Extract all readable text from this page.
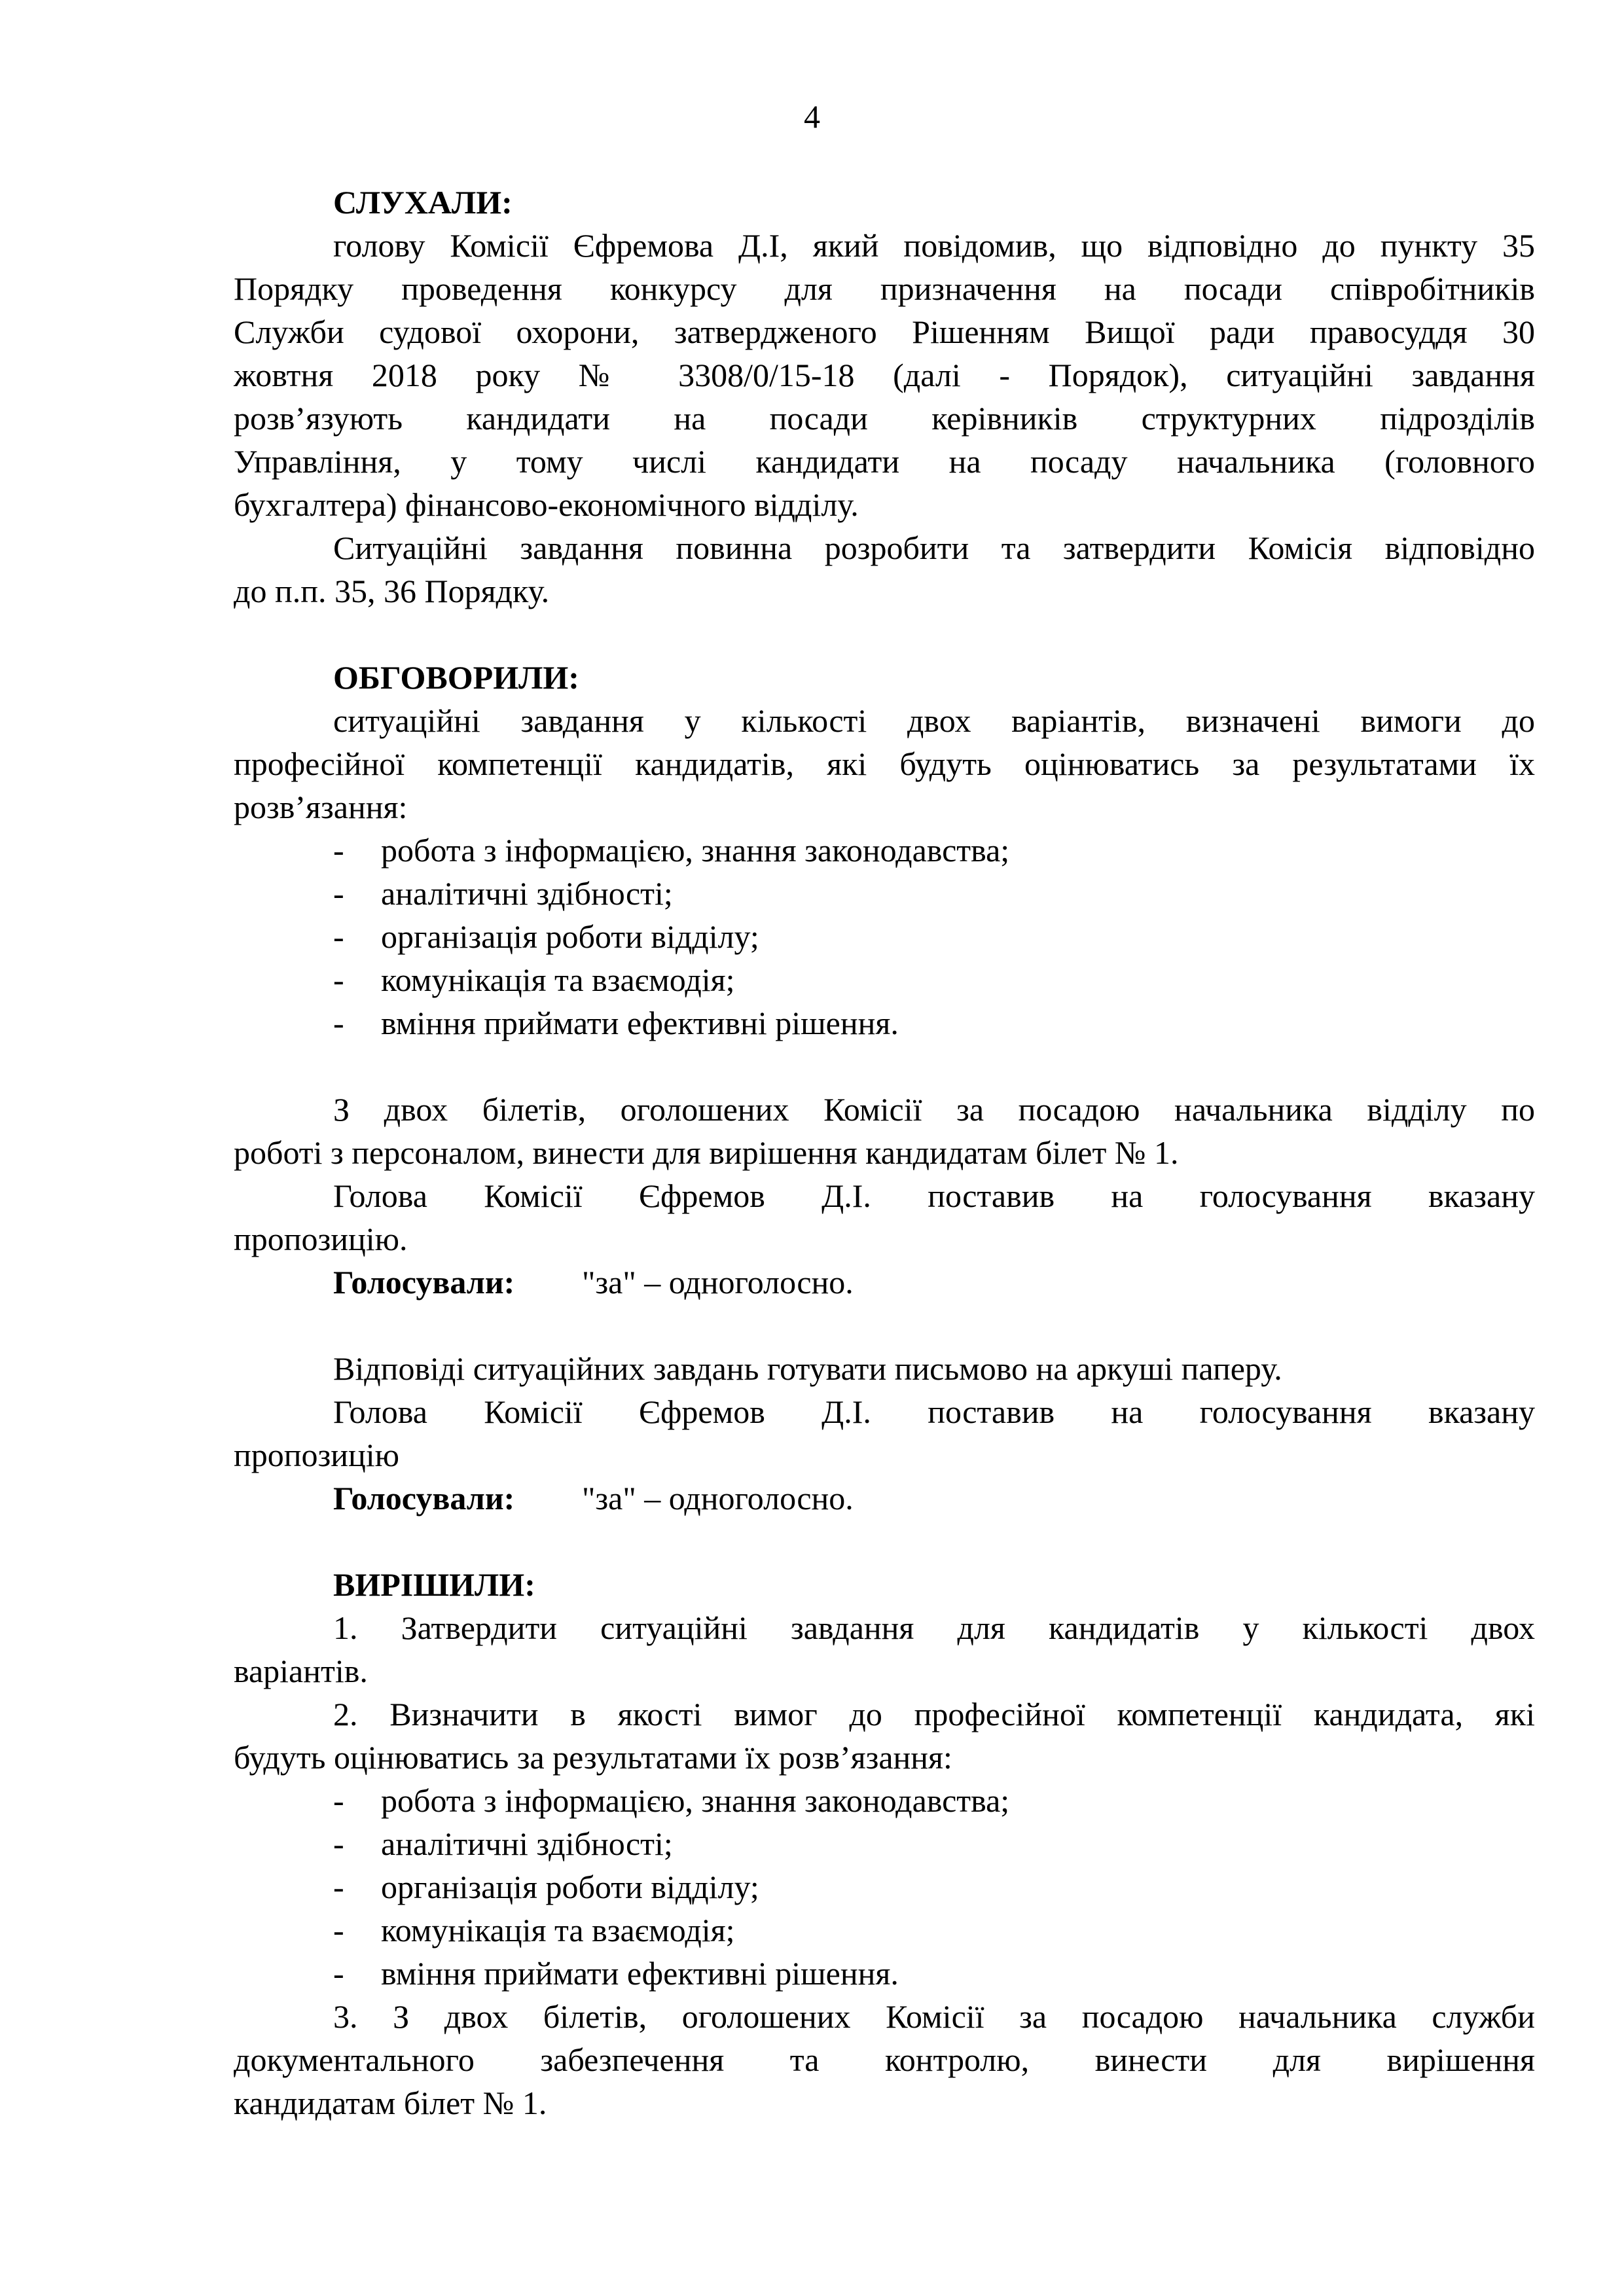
4
СЛУХАЛИ:
голову Комісії Єфремова Д.І, який повідомив, що відповідно до пункту 35
Порядку проведення конкурсу для призначення на посади співробітників
Служби судової охорони, затвердженого Рішенням Вищої ради правосуддя 30
жовтня 2018 року № 3308/0/15-18 (далі - Порядок), ситуаційні завдання
розв’язують кандидати на посади керівників структурних підрозділів
Управління, у тому числі кандидати на посаду начальника (головного
бухгалтера) фінансово-економічного відділу.
Ситуаційні завдання повинна розробити та затвердити Комісія відповідно
до п.п. 35, 36 Порядку.
ОБГОВОРИЛИ:
ситуаційні завдання у кількості двох варіантів, визначені вимоги до
професійної компетенції кандидатів, які будуть оцінюватись за результатами їх
розв’язання:
- робота з інформацією, знання законодавства;
- аналітичні здібності;
- організація роботи відділу;
- комунікація та взаємодія;
- вміння приймати ефективні рішення.
З двох білетів, оголошених Комісії за посадою начальника відділу по
роботі з персоналом, винести для вирішення кандидатам білет № 1.
Голова Комісії Єфремов Д.І. поставив на голосування вказану
пропозицію.
Голосували: "за" – одноголосно.
Відповіді ситуаційних завдань готувати письмово на аркуші паперу.
Голова Комісії Єфремов Д.І. поставив на голосування вказану
пропозицію
Голосували: "за" – одноголосно.
ВИРІШИЛИ:
1. Затвердити ситуаційні завдання для кандидатів у кількості двох
варіантів.
2. Визначити в якості вимог до професійної компетенції кандидата, які
будуть оцінюватись за результатами їх розв’язання:
- робота з інформацією, знання законодавства;
- аналітичні здібності;
- організація роботи відділу;
- комунікація та взаємодія;
- вміння приймати ефективні рішення.
3. З двох білетів, оголошених Комісії за посадою начальника служби
документального забезпечення та контролю, винести для вирішення
кандидатам білет № 1.
